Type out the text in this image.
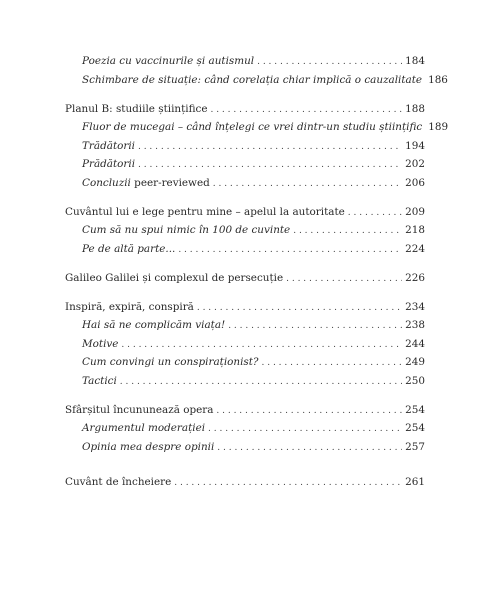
Poezia cu vaccinurile și autismul . . .	184
Schimbare de situație: când corelația chiar implică o cauzalitate 186
Planul B: studiile științifice . . .	188
Fluor de mucegai – când înțelegi ce vrei dintr-un studiu științific 189
Trădătorii . . .	194
Prădătorii . . .	202
Concluzii peer-reviewed . . .	206
Cuvântul lui e lege pentru mine – apelul la autoritate . . .	209
Cum să nu spui nimic în 100 de cuvinte . . .	218
Pe de altă parte... . . .	224
Galileo Galilei și complexul de persecuție . . .	226
Inspiră, expiră, conspiră . . .	234
Hai să ne complicăm viața! . . .	238
Motive . . .	244
Cum convingi un conspiraționist? . . .	249
Tactici . . .	250
Sfârșitul încununează opera . . .	254
Argumentul moderației . . .	254
Opinia mea despre opinii . . .	257
Cuvânt de încheiere . . .	261
